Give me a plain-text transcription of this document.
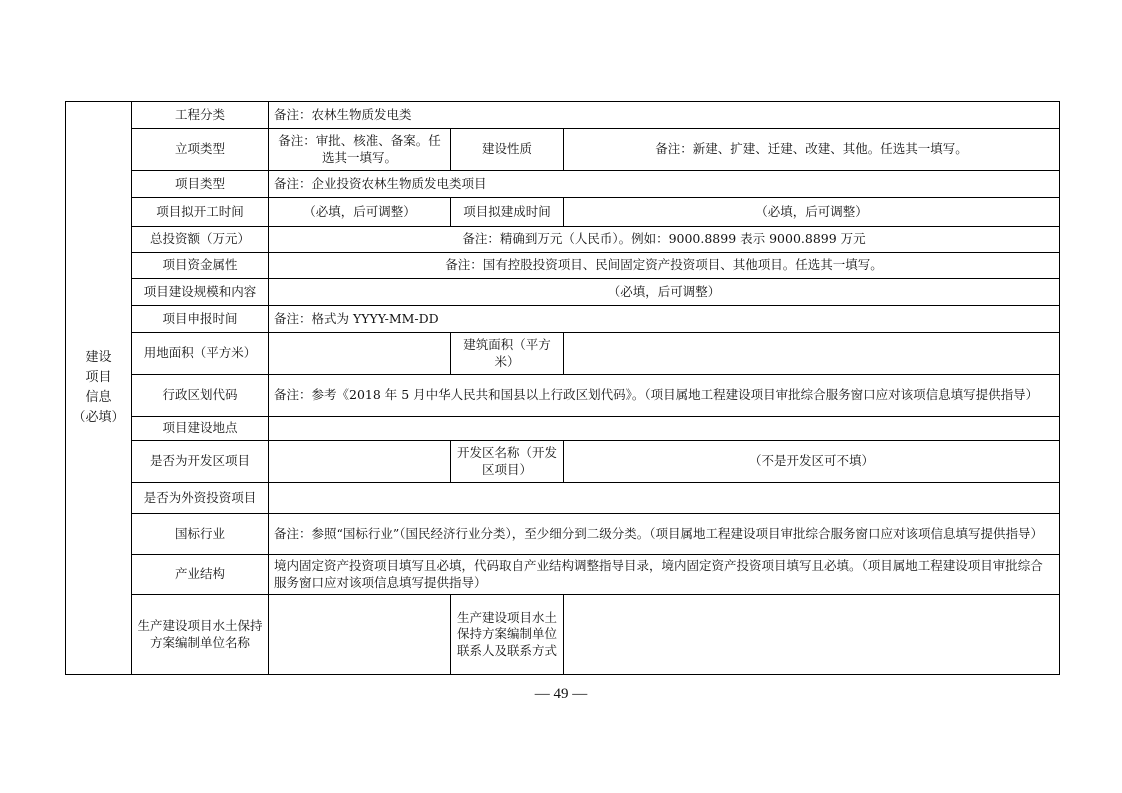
建设
项目
信息
（必填）	工程分类	备注：农林生物质发电类		
	立项类型	备注：审批、核准、备案。任选其一填写。	建设性质	备注：新建、扩建、迁建、改建、其他。任选其一填写。
	项目类型	备注：企业投资农林生物质发电类项目		
	项目拟开工时间	（必填，后可调整）	项目拟建成时间	（必填，后可调整）
	总投资额（万元）	备注：精确到万元（人民币）。例如：9000.8899 表示 9000.8899 万元		
	项目资金属性	备注：国有控股投资项目、民间固定资产投资项目、其他项目。任选其一填写。		
	项目建设规模和内容	（必填，后可调整）		
	项目申报时间	备注：格式为 YYYY-MM-DD		
	用地面积（平方米）		建筑面积（平方米）	
	行政区划代码	备注：参考《2018 年 5 月中华人民共和国县以上行政区划代码》。（项目属地工程建设项目审批综合服务窗口应对该项信息填写提供指导）		
	项目建设地点			
	是否为开发区项目		开发区名称（开发区项目）	（不是开发区可不填）
	是否为外资投资项目			
	国标行业	备注：参照“国标行业”（国民经济行业分类），至少细分到二级分类。（项目属地工程建设项目审批综合服务窗口应对该项信息填写提供指导）		
	产业结构	境内固定资产投资项目填写且必填，代码取自产业结构调整指导目录，境内固定资产投资项目填写且必填。（项目属地工程建设项目审批综合服务窗口应对该项信息填写提供指导）		
	生产建设项目水土保持方案编制单位名称		生产建设项目水土保持方案编制单位联系人及联系方式	
— 49 —
